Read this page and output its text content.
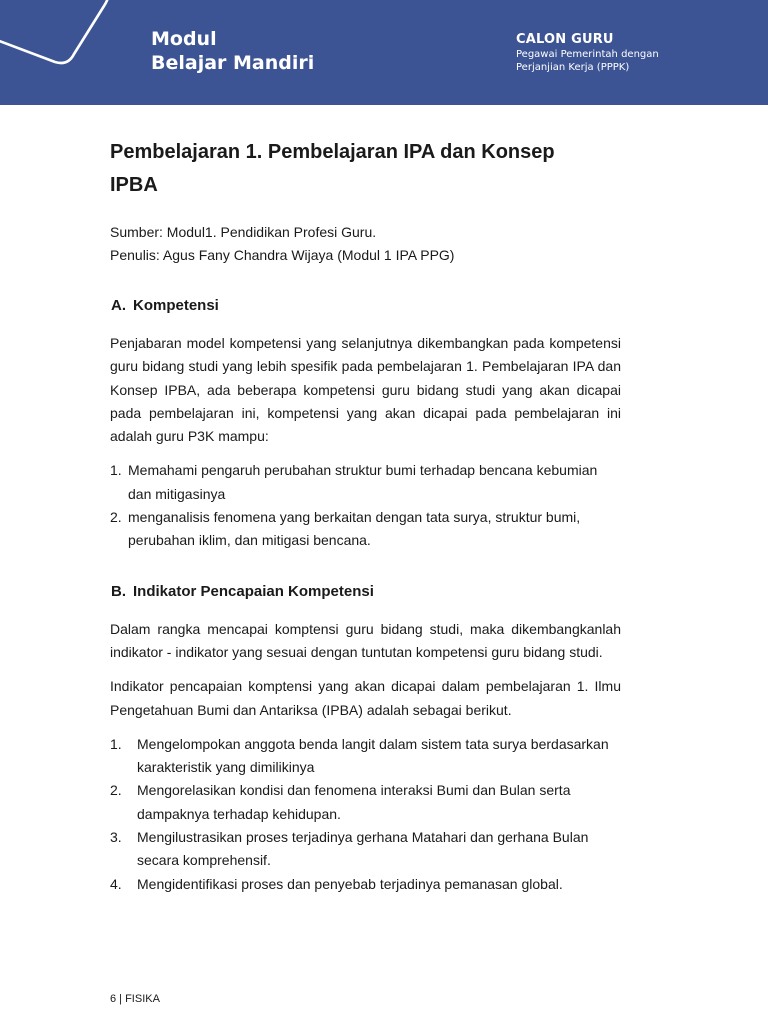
Modul
Belajar Mandiri
CALON GURU
Pegawai Pemerintah dengan
Perjanjian Kerja (PPPK)
Pembelajaran 1. Pembelajaran IPA dan Konsep
IPBA
Sumber: Modul1. Pendidikan Profesi Guru.
Penulis: Agus Fany Chandra Wijaya (Modul 1 IPA PPG)
A. Kompetensi

Penjabaran model kompetensi yang selanjutnya dikembangkan pada kompetensi guru bidang studi yang lebih spesifik pada pembelajaran 1. Pembelajaran IPA dan Konsep IPBA, ada beberapa kompetensi guru bidang studi yang akan dicapai pada pembelajaran ini, kompetensi yang akan dicapai pada pembelajaran ini adalah guru P3K mampu:

1. Memahami pengaruh perubahan struktur bumi terhadap bencana kebumian dan mitigasinya
2. menganalisis fenomena yang berkaitan dengan tata surya, struktur bumi, perubahan iklim, dan mitigasi bencana.
B. Indikator Pencapaian Kompetensi

Dalam rangka mencapai komptensi guru bidang studi, maka dikembangkanlah indikator - indikator yang sesuai dengan tuntutan kompetensi guru bidang studi.

Indikator pencapaian komptensi yang akan dicapai dalam pembelajaran 1. Ilmu Pengetahuan Bumi dan Antariksa (IPBA) adalah sebagai berikut.

1. Mengelompokan anggota benda langit dalam sistem tata surya berdasarkan karakteristik yang dimilikinya
2. Mengorelasikan kondisi dan fenomena interaksi Bumi dan Bulan serta dampaknya terhadap kehidupan.
3. Mengilustrasikan proses terjadinya gerhana Matahari dan gerhana Bulan secara komprehensif.
4. Mengidentifikasi proses dan penyebab terjadinya pemanasan global.
6 | FISIKA
